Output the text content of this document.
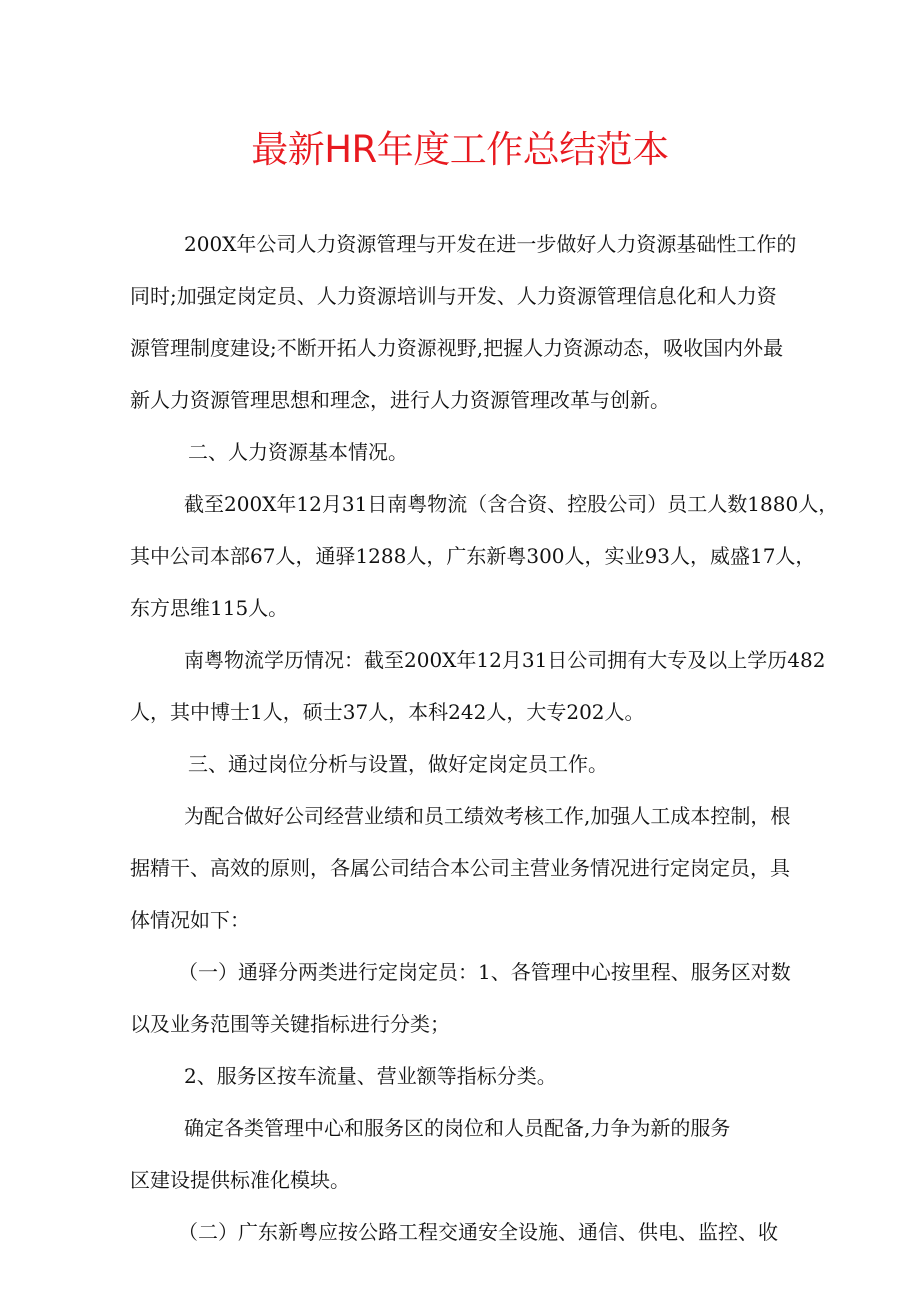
最新HR年度工作总结范本
200X年公司人力资源管理与开发在进一步做好人力资源基础性工作的
同时;加强定岗定员、人力资源培训与开发、人力资源管理信息化和人力资
源管理制度建设;不断开拓人力资源视野,把握人力资源动态，吸收国内外最
新人力资源管理思想和理念，进行人力资源管理改革与创新。
二、人力资源基本情况。
截至200X年12月31日南粤物流（含合资、控股公司）员工人数1880人，
其中公司本部67人，通驿1288人，广东新粤300人，实业93人，威盛17人，
东方思维115人。
南粤物流学历情况：截至200X年12月31日公司拥有大专及以上学历482
人，其中博士1人，硕士37人，本科242人，大专202人。
三、通过岗位分析与设置，做好定岗定员工作。
为配合做好公司经营业绩和员工绩效考核工作,加强人工成本控制，根
据精干、高效的原则，各属公司结合本公司主营业务情况进行定岗定员，具
体情况如下：
（一）通驿分两类进行定岗定员：1、各管理中心按里程、服务区对数
以及业务范围等关键指标进行分类；
2、服务区按车流量、营业额等指标分类。
确定各类管理中心和服务区的岗位和人员配备,力争为新的服务
区建设提供标准化模块。
（二）广东新粤应按公路工程交通安全设施、通信、供电、监控、收
